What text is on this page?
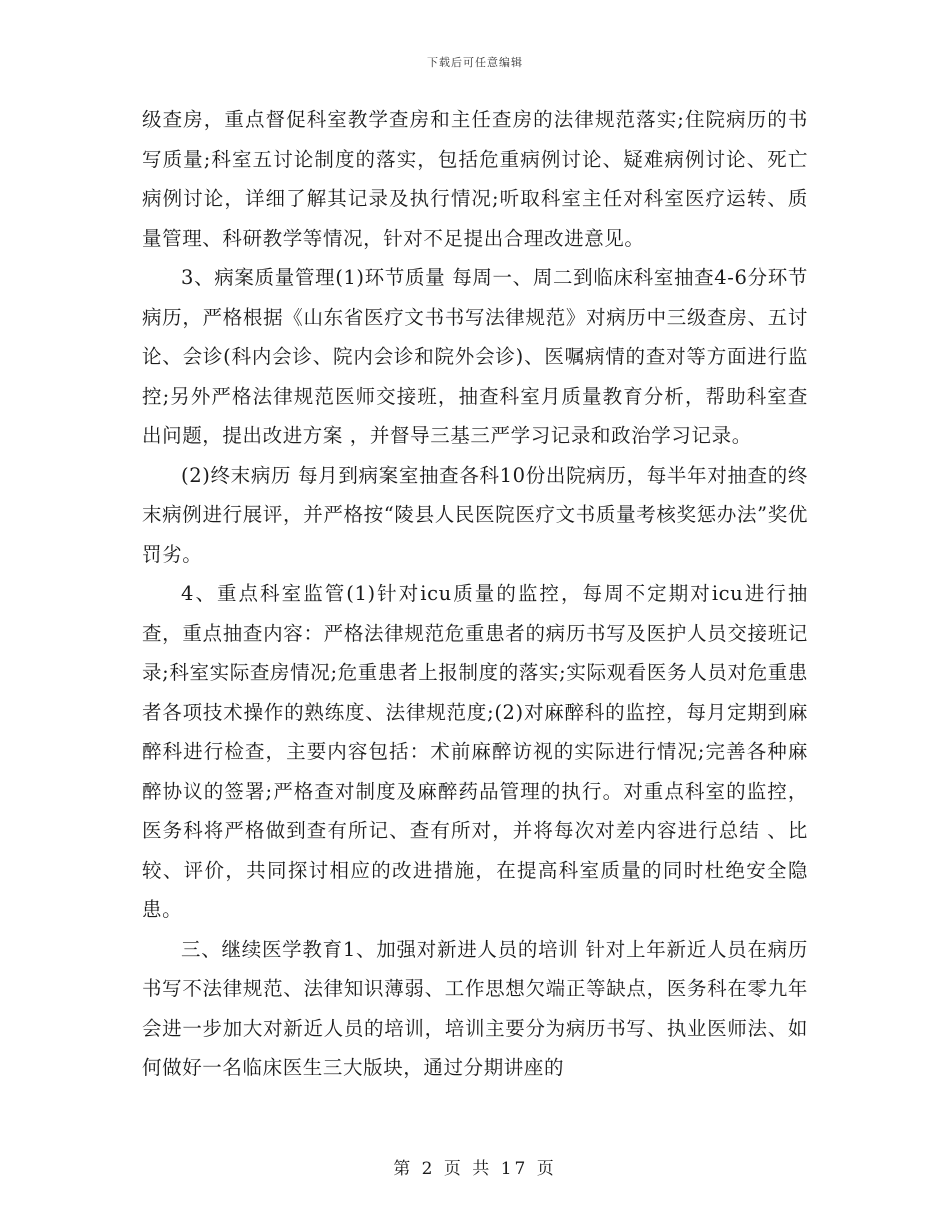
下载后可任意编辑

级查房，重点督促科室教学查房和主任查房的法律规范落实;住院病历的书写质量;科室五讨论制度的落实，包括危重病例讨论、疑难病例讨论、死亡病例讨论，详细了解其记录及执行情况;听取科室主任对科室医疗运转、质量管理、科研教学等情况，针对不足提出合理改进意见。

3、病案质量管理(1)环节质量 每周一、周二到临床科室抽查4-6分环节病历，严格根据《山东省医疗文书书写法律规范》对病历中三级查房、五讨论、会诊(科内会诊、院内会诊和院外会诊)、医嘱病情的查对等方面进行监控;另外严格法律规范医师交接班，抽查科室月质量教育分析，帮助科室查出问题，提出改进方案 ，并督导三基三严学习记录和政治学习记录。

(2)终末病历 每月到病案室抽查各科10份出院病历，每半年对抽查的终末病例进行展评，并严格按“陵县人民医院医疗文书质量考核奖惩办法”奖优罚劣。

4、重点科室监管(1)针对icu质量的监控，每周不定期对icu进行抽查，重点抽查内容：严格法律规范危重患者的病历书写及医护人员交接班记录;科室实际查房情况;危重患者上报制度的落实;实际观看医务人员对危重患者各项技术操作的熟练度、法律规范度;(2)对麻醉科的监控，每月定期到麻醉科进行检查，主要内容包括：术前麻醉访视的实际进行情况;完善各种麻醉协议的签署;严格查对制度及麻醉药品管理的执行。对重点科室的监控，医务科将严格做到查有所记、查有所对，并将每次对差内容进行总结 、比较、评价，共同探讨相应的改进措施，在提高科室质量的同时杜绝安全隐患。

三、继续医学教育1、加强对新进人员的培训 针对上年新近人员在病历书写不法律规范、法律知识薄弱、工作思想欠端正等缺点，医务科在零九年会进一步加大对新近人员的培训，培训主要分为病历书写、执业医师法、如何做好一名临床医生三大版块，通过分期讲座的

第 2 页 共 17 页
